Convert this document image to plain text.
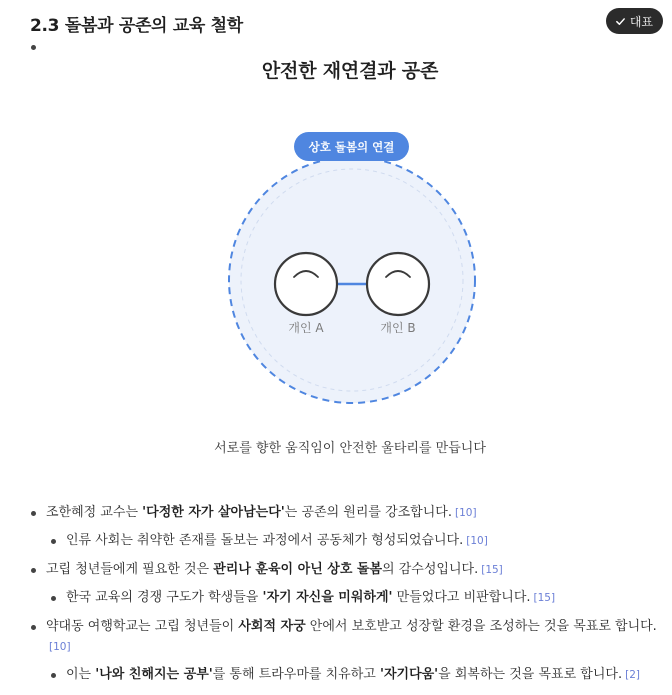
2.3 돌봄과 공존의 교육 철학	대표
안전한 재연결과 공존
상호 돌봄의 연결
개인 A	개인 B
서로를 향한 움직임이 안전한 울타리를 만듭니다
조한혜정 교수는 '다정한 자가 살아남는다'는 공존의 원리를 강조합니다. [10]
인류 사회는 취약한 존재를 돌보는 과정에서 공동체가 형성되었습니다. [10]
고립 청년들에게 필요한 것은 관리나 훈육이 아닌 상호 돌봄의 감수성입니다. [15]
한국 교육의 경쟁 구도가 학생들을 '자기 자신을 미워하게' 만들었다고 비판합니다. [15]
약대동 여행학교는 고립 청년들이 사회적 자궁 안에서 보호받고 성장할 환경을 조성하는 것을 목표로 합니다.[10]
이는 '나와 친해지는 공부'를 통해 트라우마를 치유하고 '자기다움'을 회복하는 것을 목표로 합니다. [2]
